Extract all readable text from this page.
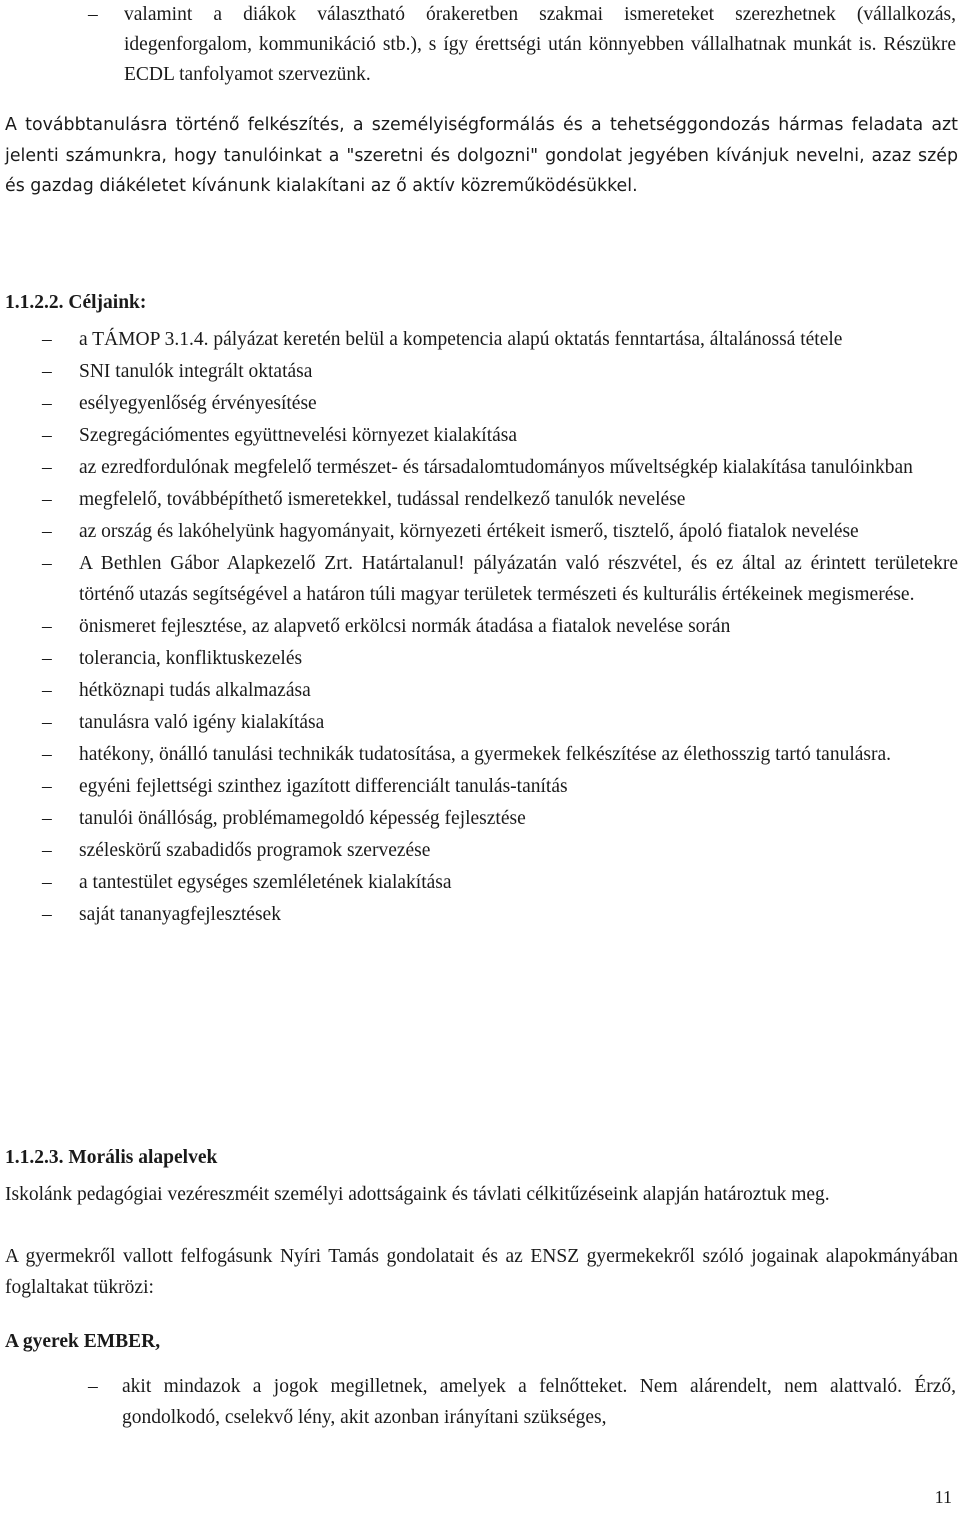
– valamint a diákok választható órakeretben szakmai ismereteket szerezhetnek (vállalkozás, idegenforgalom, kommunikáció stb.), s így érettségi után könnyebben vállalhatnak munkát is. Részükre ECDL tanfolyamot szervezünk.
A továbbtanulásra történő felkészítés, a személyiségformálás és a tehetséggondozás hármas feladata azt jelenti számunkra, hogy tanulóinkat a "szeretni és dolgozni" gondolat jegyében kívánjuk nevelni, azaz szép és gazdag diákéletet kívánunk kialakítani az ő aktív közreműködésükkel.
1.1.2.2. Céljaink:
– a TÁMOP 3.1.4. pályázat keretén belül a kompetencia alapú oktatás fenntartása, általánossá tétele
– SNI tanulók integrált oktatása
– esélyegyenlőség érvényesítése
– Szegregációmentes együttnevelési környezet kialakítása
– az ezredfordulónak megfelelő természet- és társadalomtudományos műveltségkép kialakítása tanulóinkban
– megfelelő, továbbépíthető ismeretekkel, tudással rendelkező tanulók nevelése
– az ország és lakóhelyünk hagyományait, környezeti értékeit ismerő, tisztelő, ápoló fiatalok nevelése
– A Bethlen Gábor Alapkezelő Zrt. Határtalanul! pályázatán való részvétel, és ez által az érintett területekre történő utazás segítségével a határon túli magyar területek természeti és kulturális értékeinek megismerése.
– önismeret fejlesztése, az alapvető erkölcsi normák átadása a fiatalok nevelése során
– tolerancia, konfliktuskezelés
– hétköznapi tudás alkalmazása
– tanulásra való igény kialakítása
– hatékony, önálló tanulási technikák tudatosítása, a gyermekek felkészítése az élethosszig tartó tanulásra.
– egyéni fejlettségi szinthez igazított differenciált tanulás-tanítás
– tanulói önállóság, problémamegoldó képesség fejlesztése
– széleskörű szabadidős programok szervezése
– a tantestület egységes szemléletének kialakítása
– saját tananyagfejlesztések
1.1.2.3. Morális alapelvek
Iskolánk pedagógiai vezéreszméit személyi adottságaink és távlati célkitűzéseink alapján határoztuk meg.
A gyermekről vallott felfogásunk Nyíri Tamás gondolatait és az ENSZ gyermekekről szóló jogainak alapokmányában foglaltakat tükrözi:
A gyerek EMBER,
– akit mindazok a jogok megilletnek, amelyek a felnőtteket. Nem alárendelt, nem alattvaló. Érző, gondolkodó, cselekvő lény, akit azonban irányítani szükséges,
11
